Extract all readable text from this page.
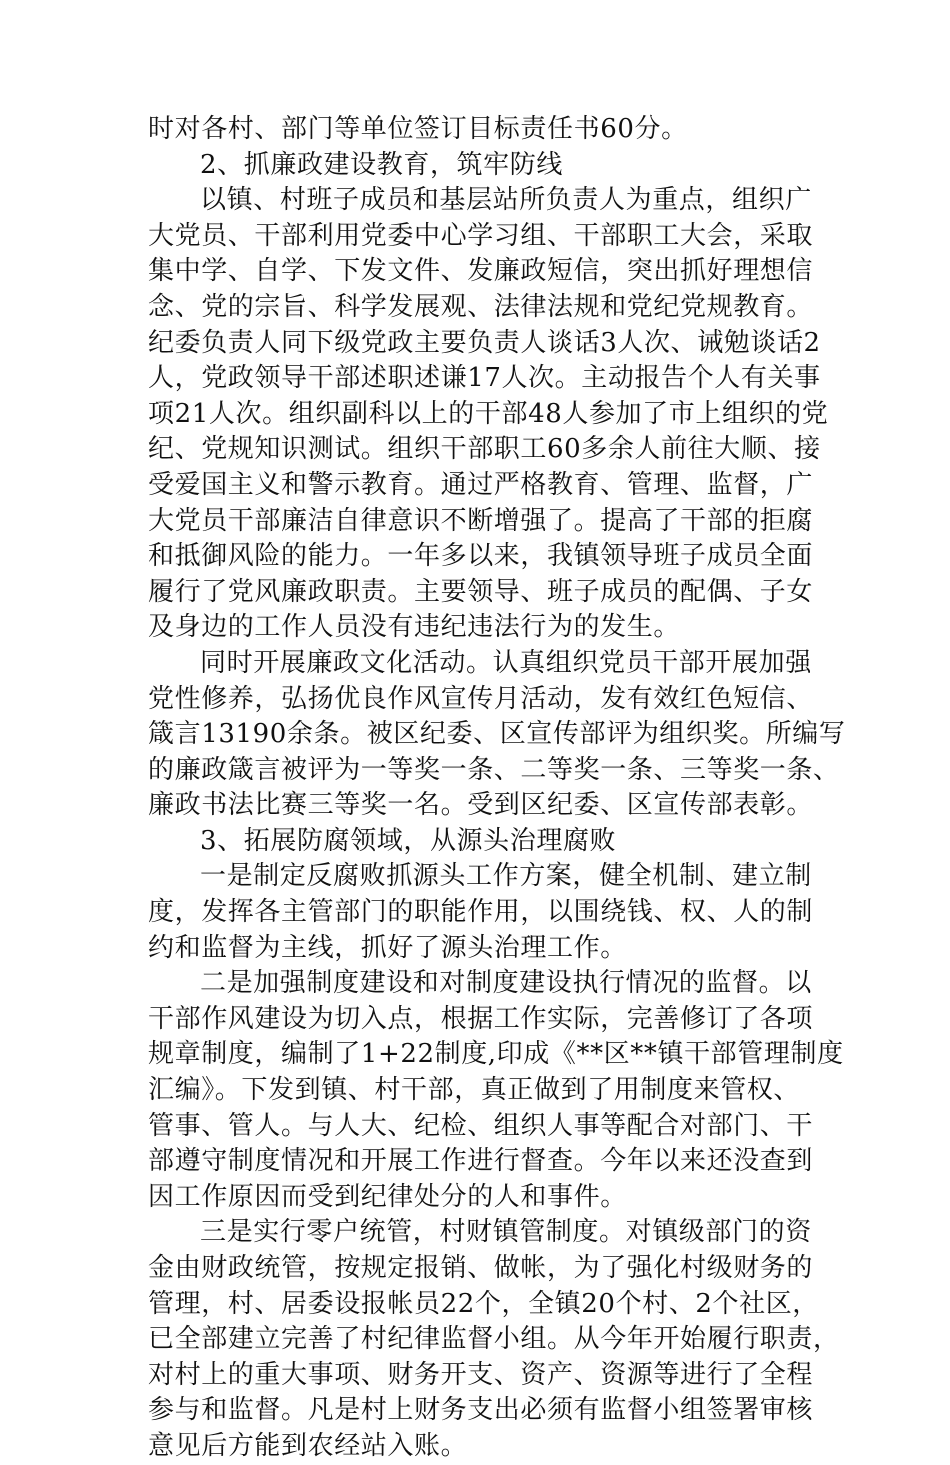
时对各村、部门等单位签订目标责任书60分。
2、抓廉政建设教育，筑牢防线
以镇、村班子成员和基层站所负责人为重点，组织广
大党员、干部利用党委中心学习组、干部职工大会，采取
集中学、自学、下发文件、发廉政短信，突出抓好理想信
念、党的宗旨、科学发展观、法律法规和党纪党规教育。
纪委负责人同下级党政主要负责人谈话3人次、诫勉谈话2
人，党政领导干部述职述谦17人次。主动报告个人有关事
项21人次。组织副科以上的干部48人参加了市上组织的党
纪、党规知识测试。组织干部职工60多余人前往大顺、接
受爱国主义和警示教育。通过严格教育、管理、监督，广
大党员干部廉洁自律意识不断增强了。提高了干部的拒腐
和抵御风险的能力。一年多以来，我镇领导班子成员全面
履行了党风廉政职责。主要领导、班子成员的配偶、子女
及身边的工作人员没有违纪违法行为的发生。
同时开展廉政文化活动。认真组织党员干部开展加强
党性修养，弘扬优良作风宣传月活动，发有效红色短信、
箴言13190余条。被区纪委、区宣传部评为组织奖。所编写
的廉政箴言被评为一等奖一条、二等奖一条、三等奖一条、
廉政书法比赛三等奖一名。受到区纪委、区宣传部表彰。
3、拓展防腐领域，从源头治理腐败
一是制定反腐败抓源头工作方案，健全机制、建立制
度，发挥各主管部门的职能作用，以围绕钱、权、人的制
约和监督为主线，抓好了源头治理工作。
二是加强制度建设和对制度建设执行情况的监督。以
干部作风建设为切入点，根据工作实际，完善修订了各项
规章制度，编制了1+22制度,印成《**区**镇干部管理制度
汇编》。下发到镇、村干部，真正做到了用制度来管权、
管事、管人。与人大、纪检、组织人事等配合对部门、干
部遵守制度情况和开展工作进行督查。今年以来还没查到
因工作原因而受到纪律处分的人和事件。
三是实行零户统管，村财镇管制度。对镇级部门的资
金由财政统管，按规定报销、做帐，为了强化村级财务的
管理，村、居委设报帐员22个，全镇20个村、2个社区，
已全部建立完善了村纪律监督小组。从今年开始履行职责，
对村上的重大事项、财务开支、资产、资源等进行了全程
参与和监督。凡是村上财务支出必须有监督小组签署审核
意见后方能到农经站入账。
